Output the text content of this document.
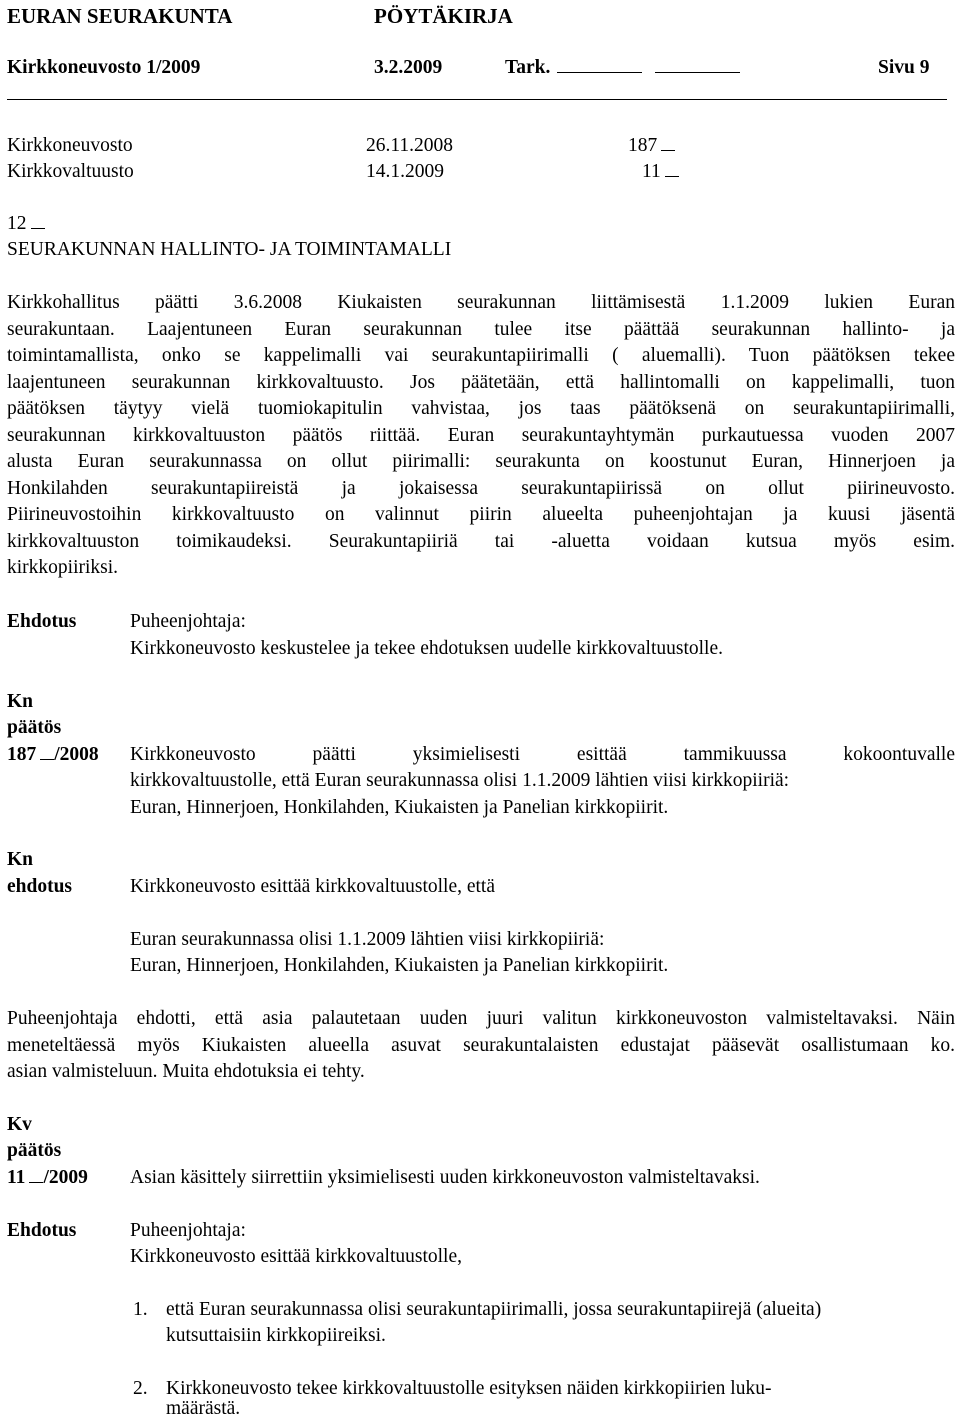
EURAN SEURAKUNTA	PÖYTÄKIRJA
Kirkkoneuvosto 1/2009	3.2.2009	Tark.	Sivu 9
Kirkkoneuvosto	26.11.2008	187
Kirkkovaltuusto	14.1.2009	11
12
SEURAKUNNAN HALLINTO- JA TOIMINTAMALLI
Kirkkohallitus päätti 3.6.2008 Kiukaisten seurakunnan liittämisestä 1.1.2009 lukien Euran
seurakuntaan. Laajentuneen Euran seurakunnan tulee itse päättää seurakunnan hallinto- ja
toimintamallista, onko se kappelimalli vai seurakuntapiirimalli ( aluemalli). Tuon päätöksen tekee
laajentuneen seurakunnan kirkkovaltuusto. Jos päätetään, että hallintomalli on kappelimalli, tuon
päätöksen täytyy vielä tuomiokapitulin vahvistaa, jos taas päätöksenä on seurakuntapiirimalli,
seurakunnan kirkkovaltuuston päätös riittää. Euran seurakuntayhtymän purkautuessa vuoden 2007
alusta Euran seurakunnassa on ollut piirimalli: seurakunta on koostunut Euran, Hinnerjoen ja
Honkilahden seurakuntapiireistä ja jokaisessa seurakuntapiirissä on ollut piirineuvosto.
Piirineuvostoihin kirkkovaltuusto on valinnut piirin alueelta puheenjohtajan ja kuusi jäsentä
kirkkovaltuuston toimikaudeksi. Seurakuntapiiriä tai -aluetta voidaan kutsua myös esim.
kirkkopiiriksi.
Ehdotus	Puheenjohtaja:
Kirkkoneuvosto keskustelee ja tekee ehdotuksen uudelle kirkkovaltuustolle.
Kn
päätös
187 /2008 Kirkkoneuvosto päätti yksimielisesti esittää tammikuussa kokoontuvalle
kirkkovaltuustolle, että Euran seurakunnassa olisi 1.1.2009 lähtien viisi kirkkopiiriä:
Euran, Hinnerjoen, Honkilahden, Kiukaisten ja Panelian kirkkopiirit.
Kn
ehdotus	Kirkkoneuvosto esittää kirkkovaltuustolle, että
Euran seurakunnassa olisi 1.1.2009 lähtien viisi kirkkopiiriä:
Euran, Hinnerjoen, Honkilahden, Kiukaisten ja Panelian kirkkopiirit.
Puheenjohtaja ehdotti, että asia palautetaan uuden juuri valitun kirkkoneuvoston valmisteltavaksi. Näin
meneteltäessä myös Kiukaisten alueella asuvat seurakuntalaisten edustajat pääsevät osallistumaan ko.
asian valmisteluun. Muita ehdotuksia ei tehty.
Kv
päätös
11 /2009 Asian käsittely siirrettiin yksimielisesti uuden kirkkoneuvoston valmisteltavaksi.
Ehdotus	Puheenjohtaja:
Kirkkoneuvosto esittää kirkkovaltuustolle,
1. että Euran seurakunnassa olisi seurakuntapiirimalli, jossa seurakuntapiirejä (alueita)
kutsuttaisiin kirkkopiireiksi.
2. Kirkkoneuvosto tekee kirkkovaltuustolle esityksen näiden kirkkopiirien luku-
määrästä.
